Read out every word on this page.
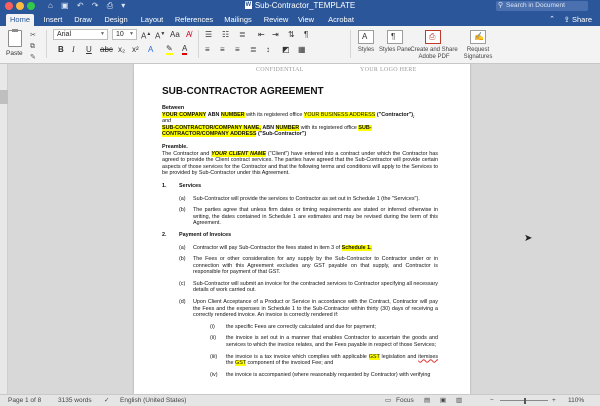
⌂ ▣ ↶ ↷ ⎙ ▾	W Sub-Contractor_TEMPLATE	⚲ Search in Document
Home	Insert	Draw	Design	Layout	References	Mailings	Review	View	Acrobat	⌃ ⇪ Share
Paste
✂
⧉
✎
Arial	▼	10 ▼ A▲ A▼ Aa A̸
B I U abc x₂ x² A ✎ A
☰ ☷ ≣ ⇤ ⇥ ⇅ ¶
≡ ≡ ≡ ≣ ↕ ◩ ▦
A
Styles
¶
Styles Pane
⎙
Create and Share Adobe PDF
✍
Request Signatures
CONFIDENTIAL	YOUR LOGO HERE
SUB-CONTRACTOR AGREEMENT
Between
YOUR COMPANY ABN NUMBER with its registered office YOUR BUSINESS ADDRESS ("Contractor"),
and
SUB-CONTRACTOR/COMPANY NAME, ABN NUMBER with its registered office SUB-CONTRACTOR/COMPANY ADDRESS ("Sub-Contractor")
Preamble.
The Contractor and YOUR CLIENT NAME ("Client") have entered into a contract under which the Contractor has agreed to provide the Client contract services. The parties have agreed that the Sub-Contractor will provide certain aspects of those services for the Contractor and that the following terms and conditions will apply to the Services to be provided by Sub-Contractor under this Agreement.
1.	Services
(a)	Sub-Contractor will provide the services to Contractor as set out in Schedule 1 (the "Services").
(b)	The parties agree that unless firm dates or timing requirements are stated or inferred otherwise in writing, the dates contained in Schedule 1 are estimates and may be revised during the term of this Agreement.
2.	Payment of Invoices
(a)	Contractor will pay Sub-Contractor the fees stated in item 3 of Schedule 1.
(b)	The Fees or other consideration for any supply by the Sub-Contractor to Contractor under or in connection with this Agreement excludes any GST payable on that supply, and Contractor is responsible for payment of that GST.
(c)	Sub-Contractor will submit an invoice for the contracted services to Contractor specifying all necessary details of work carried out.
(d)	Upon Client Acceptance of a Product or Service in accordance with the Contract, Contractor will pay the Fees and the expenses in Schedule 1 to the Sub-Contractor within thirty (30) days of receiving a correctly rendered invoice. An invoice is correctly rendered if:
(i)	the specific Fees are correctly calculated and due for payment;
(ii)	the invoice is set out in a manner that enables Contractor to ascertain the goods and services to which the invoice relates, and the Fees payable in respect of those Services;
(iii)	the invoice is a tax invoice which complies with applicable GST legislation and itemises the GST component of the invoiced Fee; and
(iv)	the invoice is accompanied (where reasonably requested by Contractor) with verifying
➤
Page 1 of 8	3135 words ✓ English (United States)	▭ Focus ▤ ▣ ▥	−	+ 110%
